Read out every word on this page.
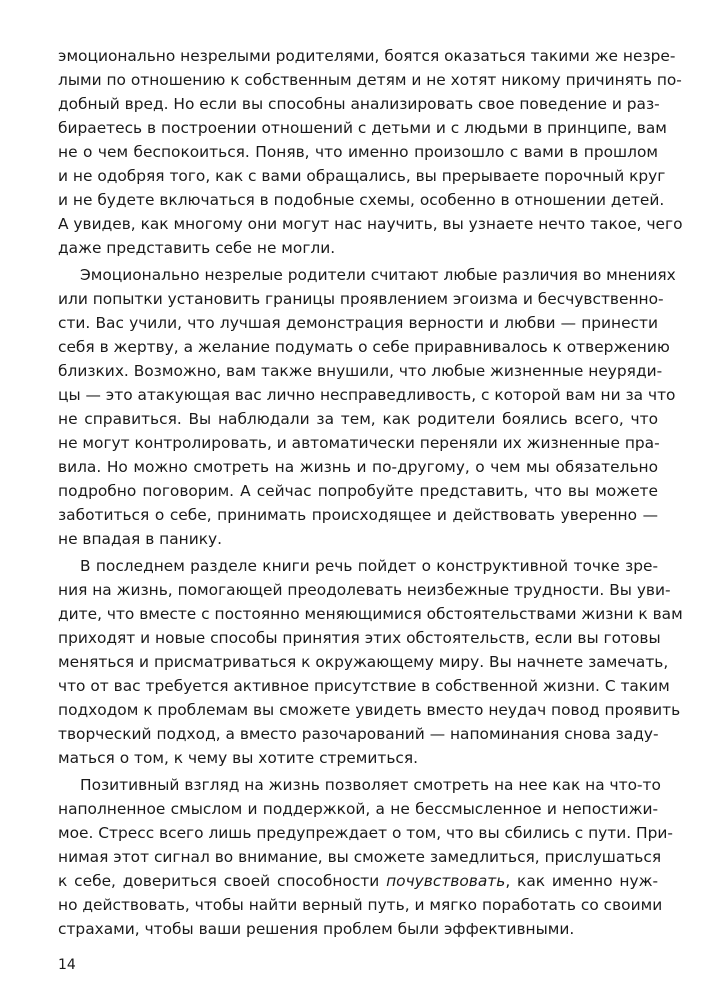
эмоционально незрелыми родителями, боятся оказаться такими же незре-
лыми по отношению к собственным детям и не хотят никому причинять по-
добный вред. Но если вы способны анализировать свое поведение и раз-
бираетесь в построении отношений с детьми и с людьми в принципе, вам
не о чем беспокоиться. Поняв, что именно произошло с вами в прошлом
и не одобряя того, как с вами обращались, вы прерываете порочный круг
и не будете включаться в подобные схемы, особенно в отношении детей.
А увидев, как многому они могут нас научить, вы узнаете нечто такое, чего
даже представить себе не могли.
Эмоционально незрелые родители считают любые различия во мнениях
или попытки установить границы проявлением эгоизма и бесчувственно-
сти. Вас учили, что лучшая демонстрация верности и любви — принести
себя в жертву, а желание подумать о себе приравнивалось к отвержению
близких. Возможно, вам также внушили, что любые жизненные неуряди-
цы — это атакующая вас лично несправедливость, с которой вам ни за что
не справиться. Вы наблюдали за тем, как родители боялись всего, что
не могут контролировать, и автоматически переняли их жизненные пра-
вила. Но можно смотреть на жизнь и по-другому, о чем мы обязательно
подробно поговорим. А сейчас попробуйте представить, что вы можете
заботиться о себе, принимать происходящее и действовать уверенно —
не впадая в панику.
В последнем разделе книги речь пойдет о конструктивной точке зре-
ния на жизнь, помогающей преодолевать неизбежные трудности. Вы уви-
дите, что вместе с постоянно меняющимися обстоятельствами жизни к вам
приходят и новые способы принятия этих обстоятельств, если вы готовы
меняться и присматриваться к окружающему миру. Вы начнете замечать,
что от вас требуется активное присутствие в собственной жизни. С таким
подходом к проблемам вы сможете увидеть вместо неудач повод проявить
творческий подход, а вместо разочарований — напоминания снова заду-
маться о том, к чему вы хотите стремиться.
Позитивный взгляд на жизнь позволяет смотреть на нее как на что-то
наполненное смыслом и поддержкой, а не бессмысленное и непостижи-
мое. Стресс всего лишь предупреждает о том, что вы сбились с пути. При-
нимая этот сигнал во внимание, вы сможете замедлиться, прислушаться
к себе, довериться своей способности почувствовать, как именно нуж-
но действовать, чтобы найти верный путь, и мягко поработать со своими
страхами, чтобы ваши решения проблем были эффективными.
14
